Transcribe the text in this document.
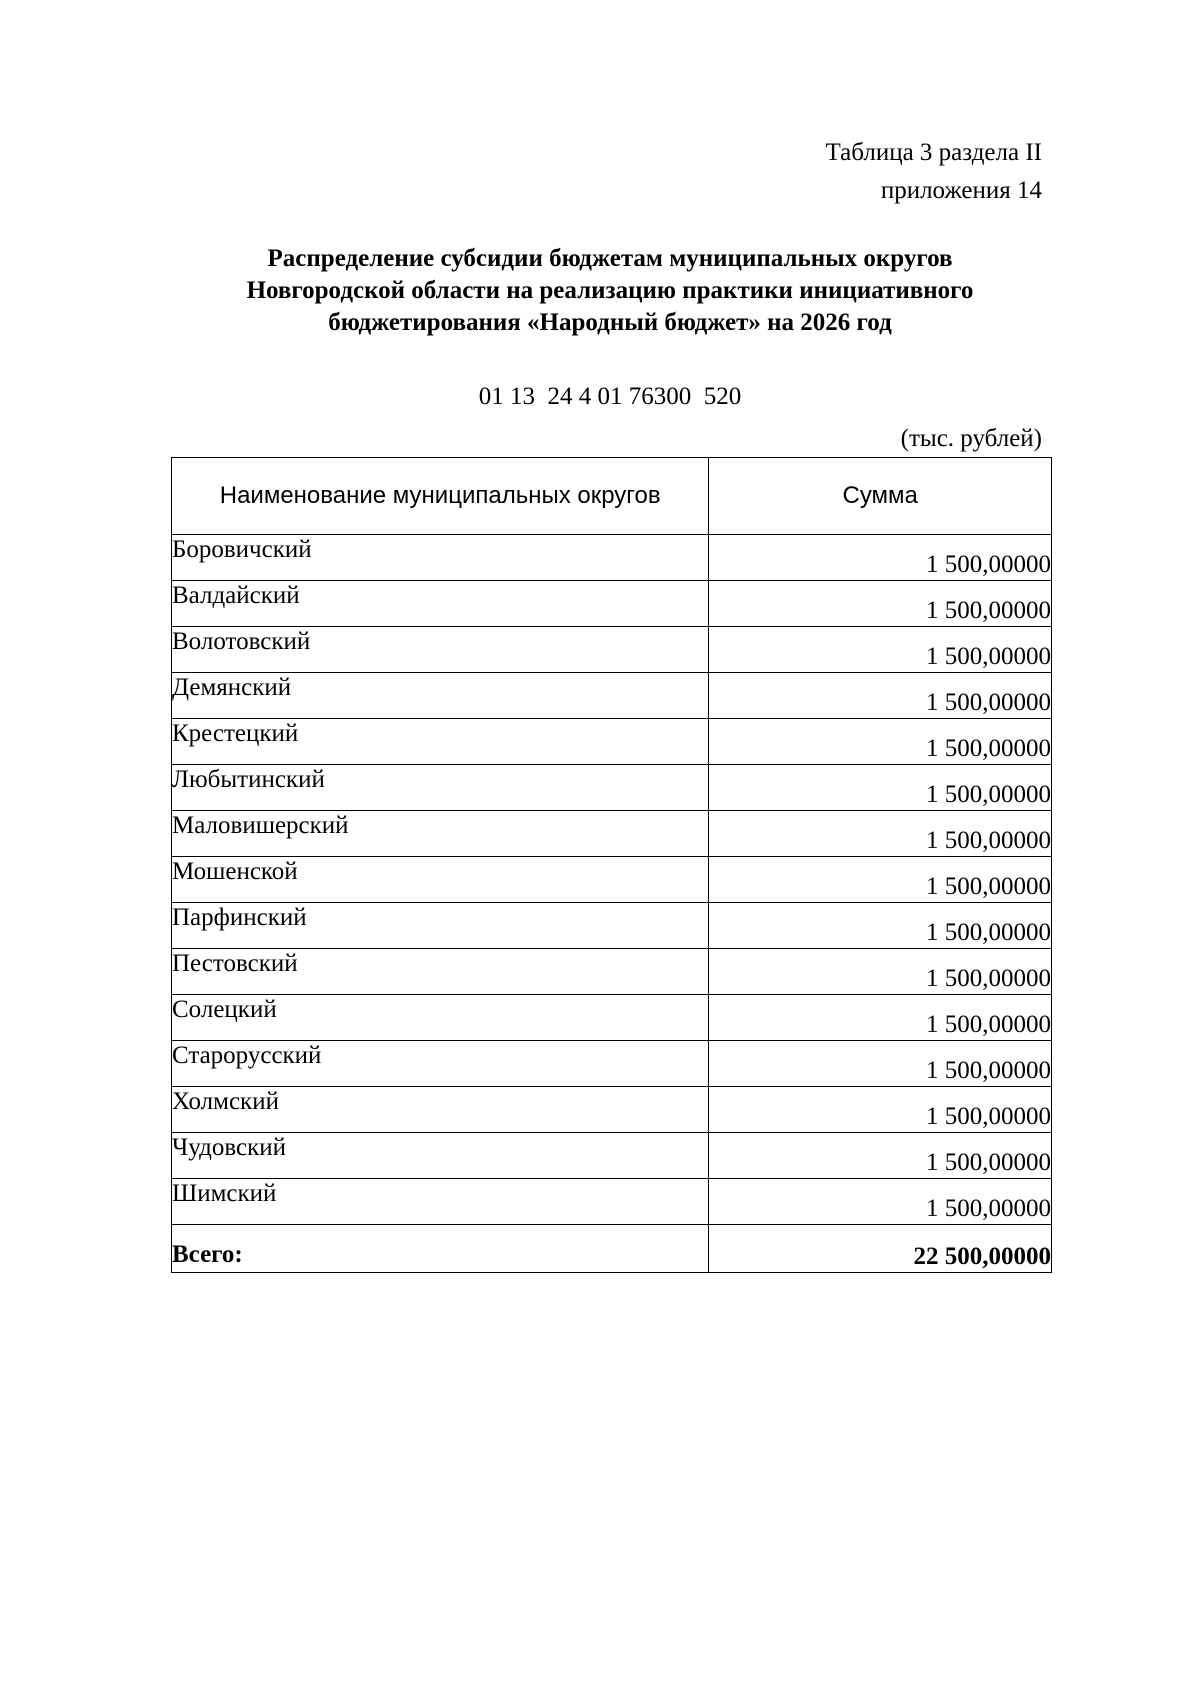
Таблица 3 раздела II
приложения 14
Распределение субсидии бюджетам муниципальных округов
Новгородской области на реализацию практики инициативного
бюджетирования «Народный бюджет» на 2026 год
01 13  24 4 01 76300  520
(тыс. рублей)
Наименование муниципальных округов	Сумма
Боровичский	1 500,00000
Валдайский	1 500,00000
Волотовский	1 500,00000
Демянский	1 500,00000
Крестецкий	1 500,00000
Любытинский	1 500,00000
Маловишерский	1 500,00000
Мошенской	1 500,00000
Парфинский	1 500,00000
Пестовский	1 500,00000
Солецкий	1 500,00000
Старорусский	1 500,00000
Холмский	1 500,00000
Чудовский	1 500,00000
Шимский	1 500,00000
Всего:	22 500,00000
